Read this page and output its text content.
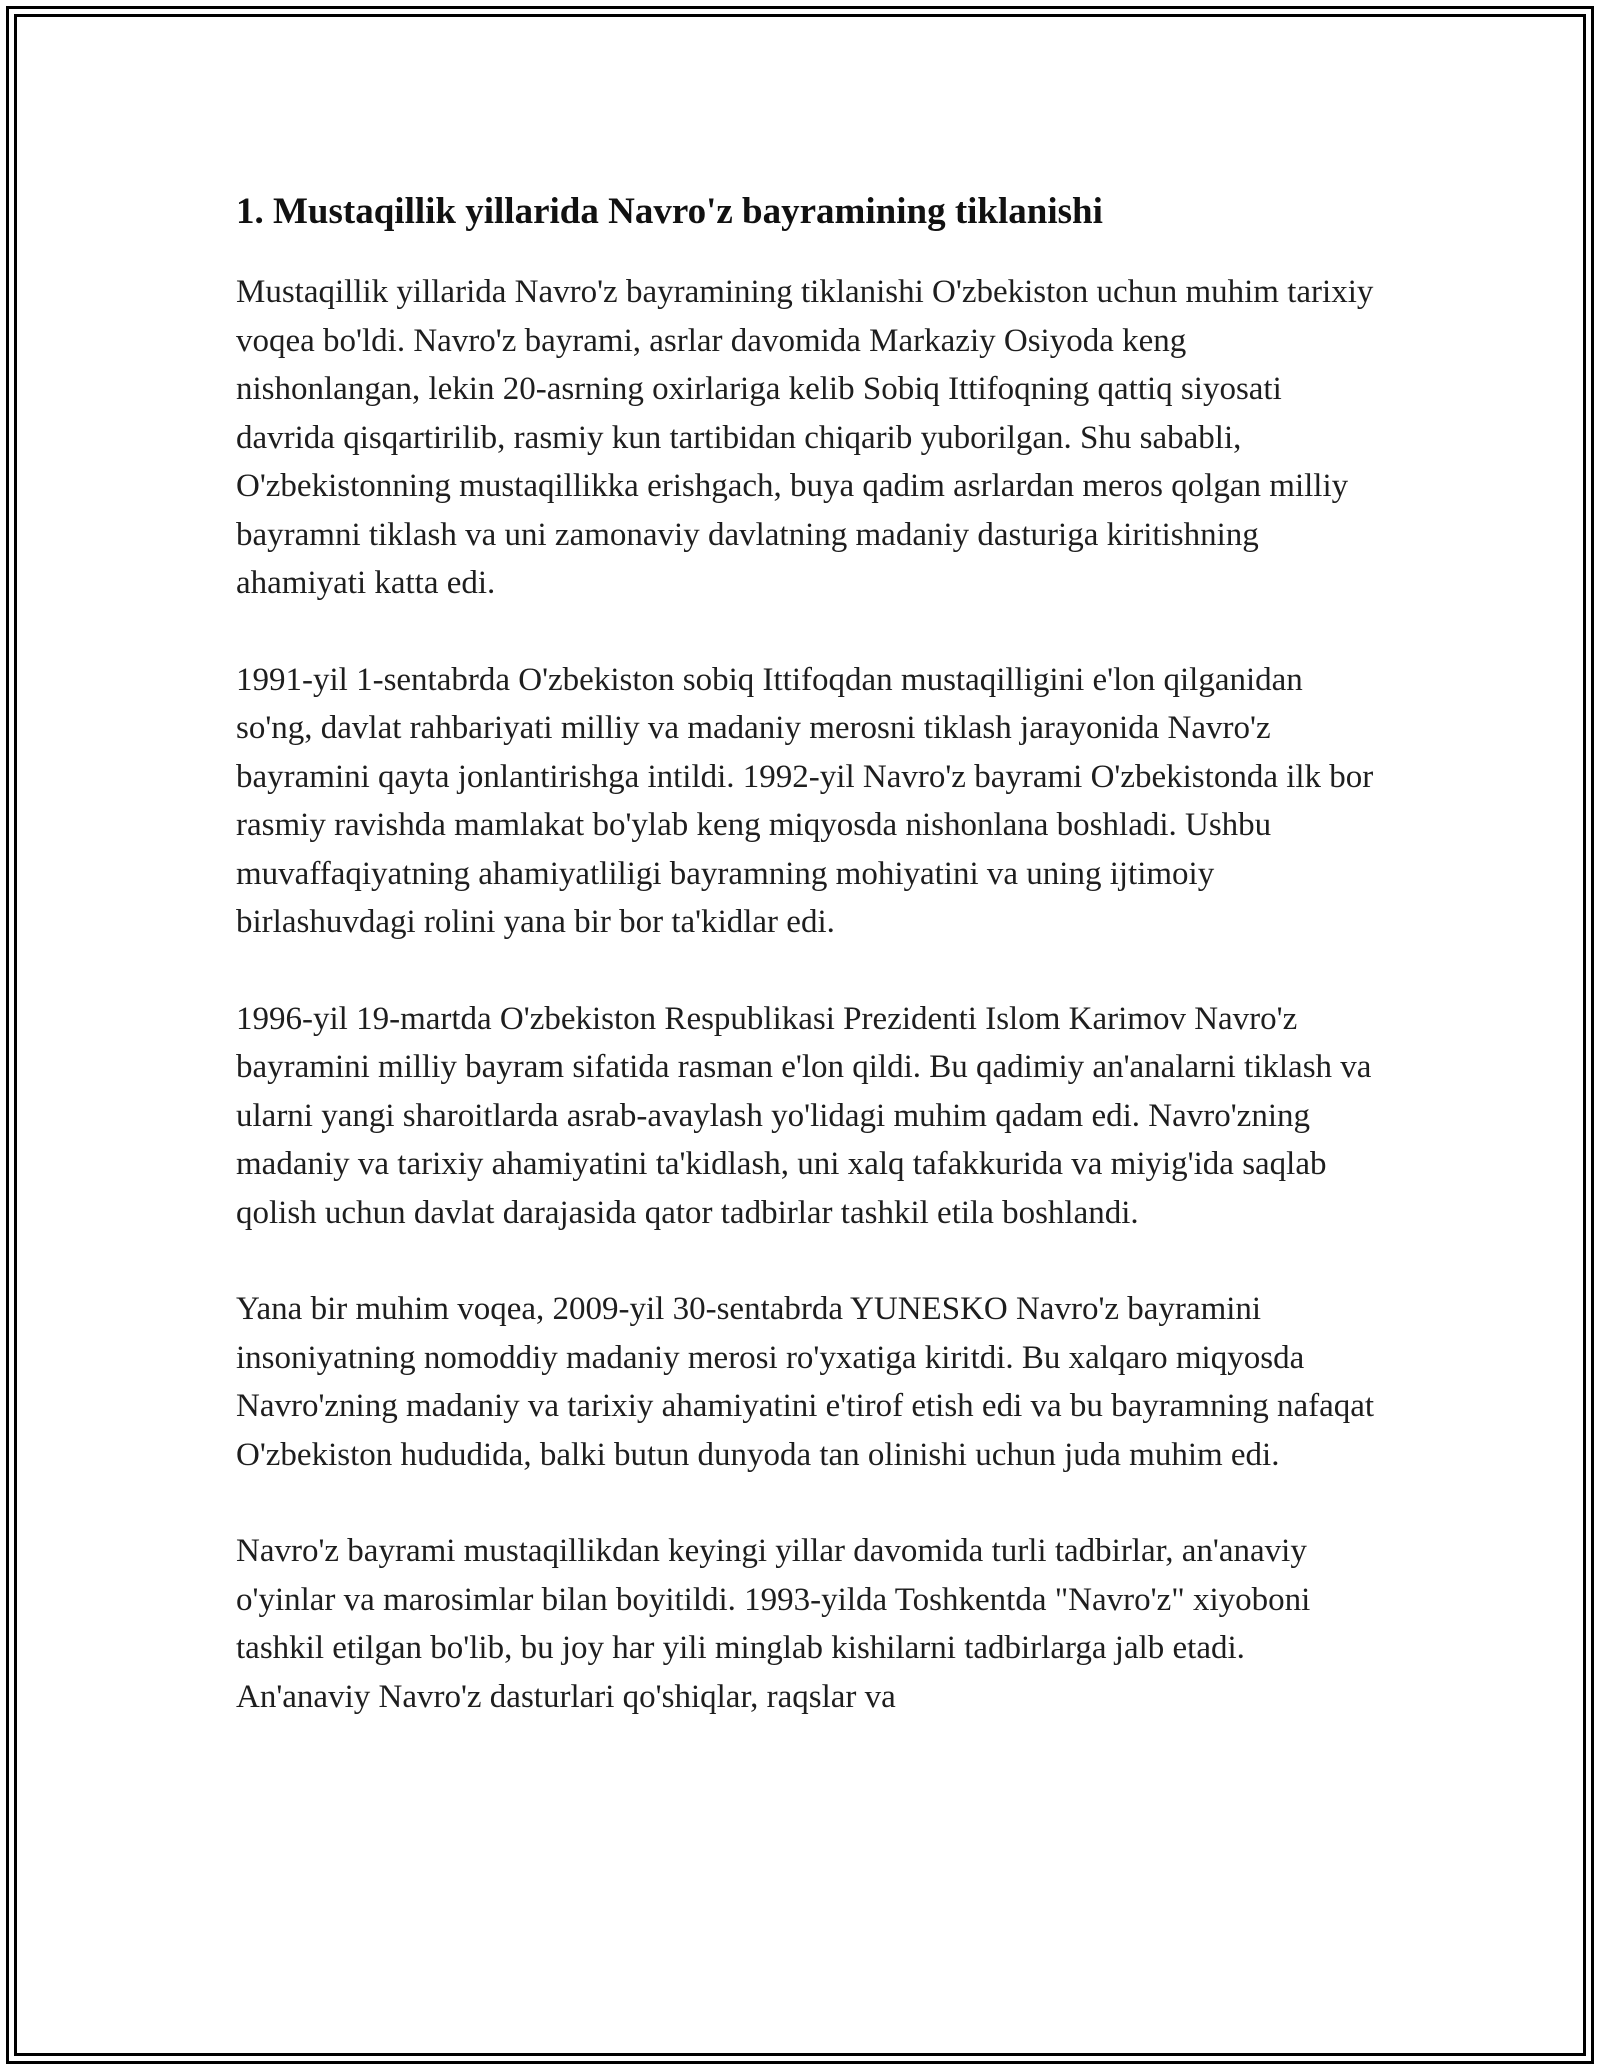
1. Mustaqillik yillarida Navro'z bayramining tiklanishi

Mustaqillik yillarida Navro'z bayramining tiklanishi O'zbekiston uchun muhim tarixiy voqea bo'ldi. Navro'z bayrami, asrlar davomida Markaziy Osiyoda keng nishonlangan, lekin 20-asrning oxirlariga kelib Sobiq Ittifoqning qattiq siyosati davrida qisqartirilib, rasmiy kun tartibidan chiqarib yuborilgan. Shu sababli, O'zbekistonning mustaqillikka erishgach, buya qadim asrlardan meros qolgan milliy bayramni tiklash va uni zamonaviy davlatning madaniy dasturiga kiritishning ahamiyati katta edi.

1991-yil 1-sentabrda O'zbekiston sobiq Ittifoqdan mustaqilligini e'lon qilganidan so'ng, davlat rahbariyati milliy va madaniy merosni tiklash jarayonida Navro'z bayramini qayta jonlantirishga intildi. 1992-yil Navro'z bayrami O'zbekistonda ilk bor rasmiy ravishda mamlakat bo'ylab keng miqyosda nishonlana boshladi. Ushbu muvaffaqiyatning ahamiyatliligi bayramning mohiyatini va uning ijtimoiy birlashuvdagi rolini yana bir bor ta'kidlar edi.

1996-yil 19-martda O'zbekiston Respublikasi Prezidenti Islom Karimov Navro'z bayramini milliy bayram sifatida rasman e'lon qildi. Bu qadimiy an'analarni tiklash va ularni yangi sharoitlarda asrab-avaylash yo'lidagi muhim qadam edi. Navro'zning madaniy va tarixiy ahamiyatini ta'kidlash, uni xalq tafakkurida va miyig'ida saqlab qolish uchun davlat darajasida qator tadbirlar tashkil etila boshlandi.

Yana bir muhim voqea, 2009-yil 30-sentabrda YUNESKO Navro'z bayramini insoniyatning nomoddiy madaniy merosi ro'yxatiga kiritdi. Bu xalqaro miqyosda Navro'zning madaniy va tarixiy ahamiyatini e'tirof etish edi va bu bayramning nafaqat O'zbekiston hududida, balki butun dunyoda tan olinishi uchun juda muhim edi.

Navro'z bayrami mustaqillikdan keyingi yillar davomida turli tadbirlar, an'anaviy o'yinlar va marosimlar bilan boyitildi. 1993-yilda Toshkentda "Navro'z" xiyoboni tashkil etilgan bo'lib, bu joy har yili minglab kishilarni tadbirlarga jalb etadi. An'anaviy Navro'z dasturlari qo'shiqlar, raqslar va
